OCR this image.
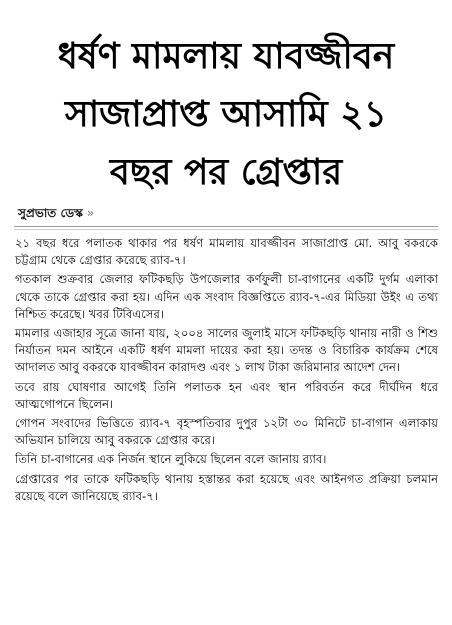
ধর্ষণ মামলায় যাবজ্জীবন
সাজাপ্রাপ্ত আসামি ২১
বছর পর গ্রেপ্তার
সুপ্রভাত ডেস্ক »

২১ বছর ধরে পলাতক থাকার পর ধর্ষণ মামলায় যাবজ্জীবন সাজাপ্রাপ্ত মো. আবু বকরকে চট্টগ্রাম থেকে গ্রেপ্তার করেছে র‌্যাব-৭।

গতকাল শুক্রবার জেলার ফটিকছড়ি উপজেলার কর্ণফুলী চা-বাগানের একটি দুর্গম এলাকা থেকে তাকে গ্রেপ্তার করা হয়। এদিন এক সংবাদ বিজ্ঞপ্তিতে র‌্যাব-৭-এর মিডিয়া উইং এ তথ্য নিশ্চিত করেছে। খবর টিবিএসের।

মামলার এজাহার সূত্রে জানা যায়, ২০০৪ সালের জুলাই মাসে ফটিকছড়ি থানায় নারী ও শিশু নির্যাতন দমন আইনে একটি ধর্ষণ মামলা দায়ের করা হয়। তদন্ত ও বিচারিক কার্যক্রম শেষে আদালত আবু বকরকে যাবজ্জীবন কারাদণ্ড এবং ১ লাখ টাকা জরিমানার আদেশ দেন।

তবে রায় ঘোষণার আগেই তিনি পলাতক হন এবং স্থান পরিবর্তন করে দীর্ঘদিন ধরে আত্মগোপনে ছিলেন।

গোপন সংবাদের ভিত্তিতে র‌্যাব-৭ বৃহস্পতিবার দুপুর ১২টা ৩০ মিনিটে চা-বাগান এলাকায় অভিযান চালিয়ে আবু বকরকে গ্রেপ্তার করে।

তিনি চা-বাগানের এক নির্জন স্থানে লুকিয়ে ছিলেন বলে জানায় র‌্যাব।

গ্রেপ্তারের পর তাকে ফটিকছড়ি থানায় হস্তান্তর করা হয়েছে এবং আইনগত প্রক্রিয়া চলমান রয়েছে বলে জানিয়েছে র‌্যাব-৭।
